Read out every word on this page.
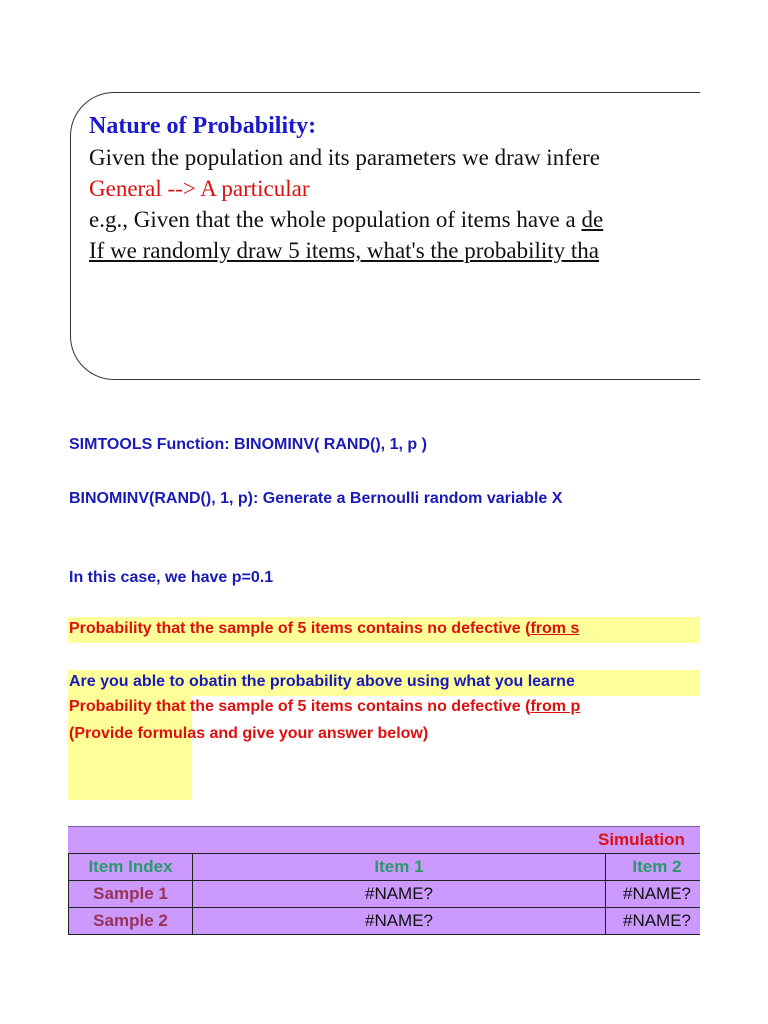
Nature of Probability:
Given the population and its parameters we draw infere
General --> A particular
e.g., Given that the whole population of items have a de
If we randomly draw 5 items, what's the probability tha
SIMTOOLS Function: BINOMINV( RAND(), 1, p )
BINOMINV(RAND(), 1, p): Generate a Bernoulli random variable X
In this case, we have p=0.1
Probability that the sample of 5 items contains no defective (from s
Are you able to obatin the probability above using what you learne
Probability that the sample of 5 items contains no defective (from p
(Provide formulas and give your answer below)
Simulation
Item Index	Item 1	Item 2
Sample 1	#NAME?	#NAME?
Sample 2	#NAME?	#NAME?
